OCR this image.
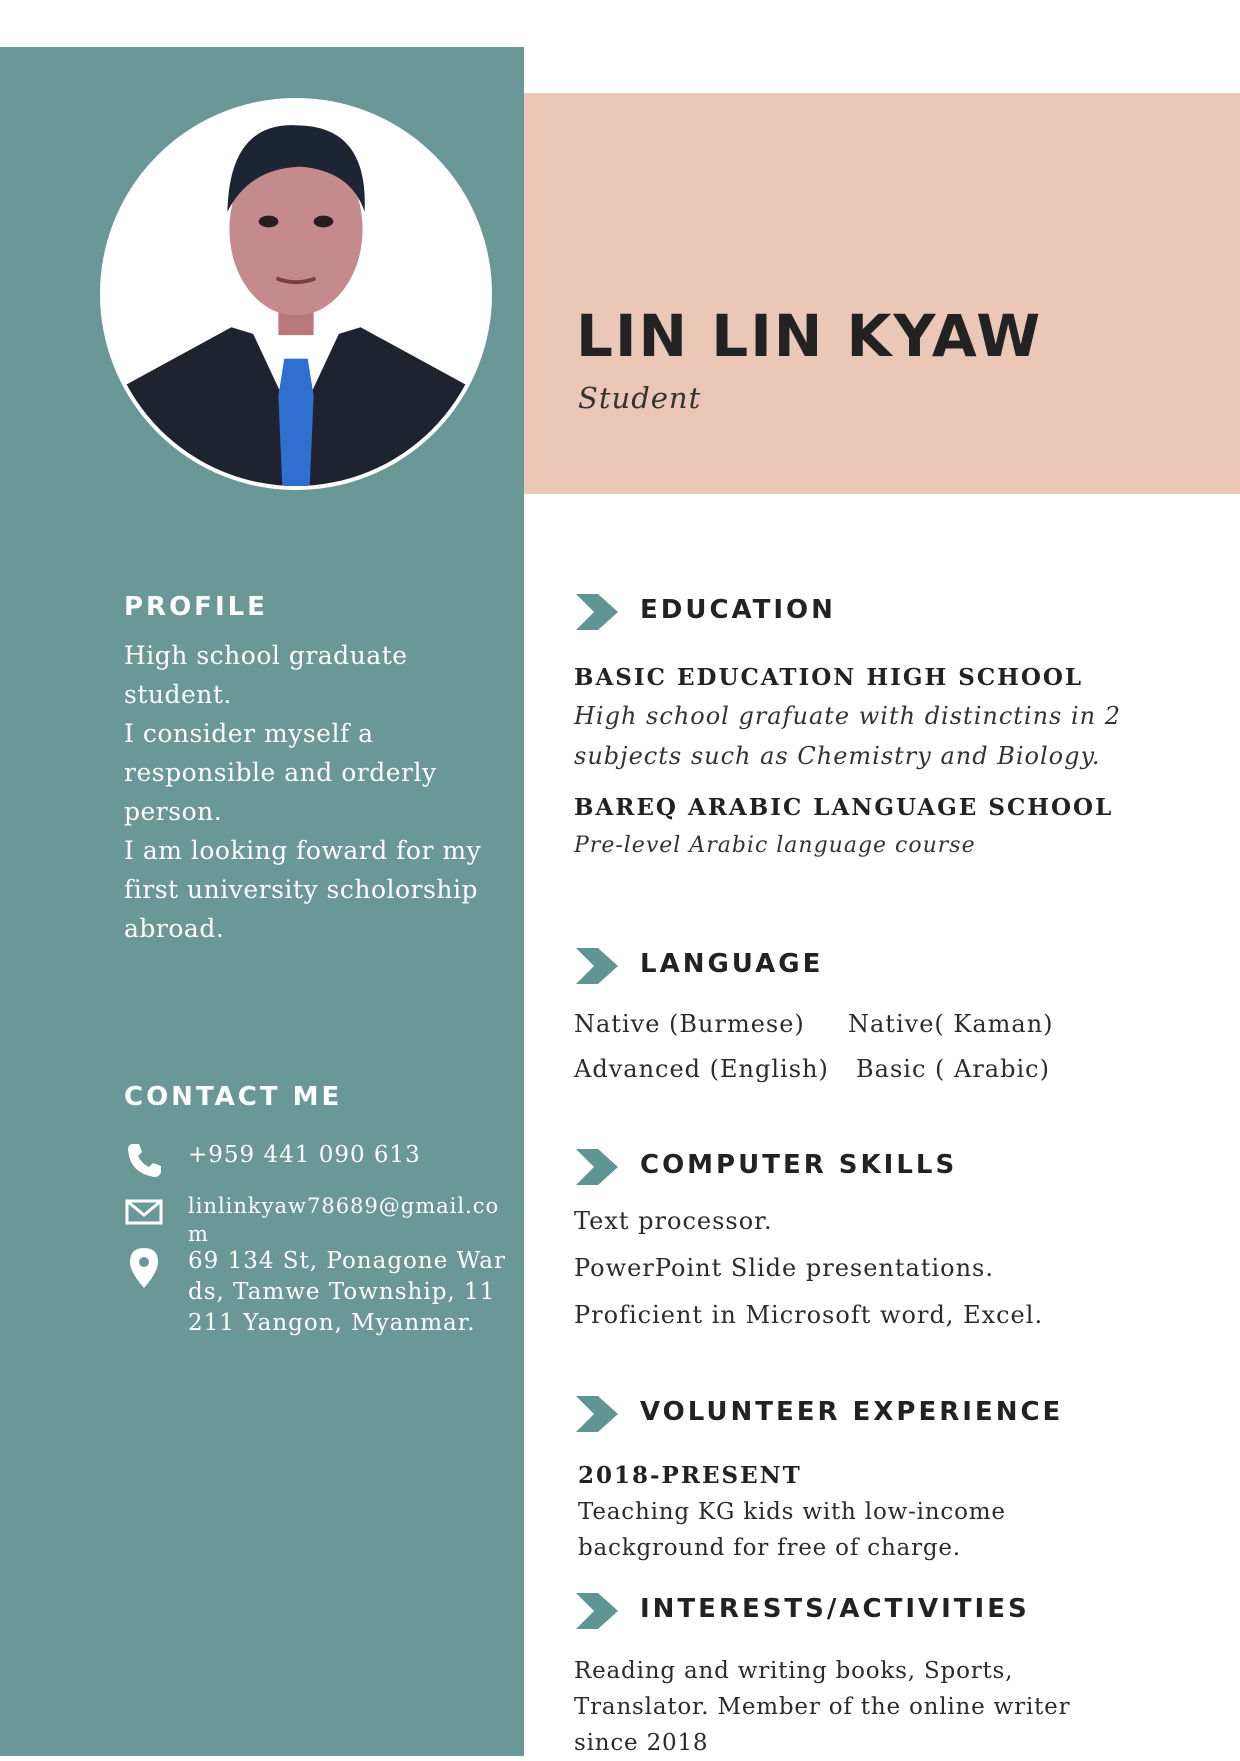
LIN LIN KYAW
Student
PROFILE
High school graduate
student.
I consider myself a
responsible and orderly
person.
I am looking foward for my
first university scholorship
abroad.
CONTACT ME
+959 441 090 613
linlinkyaw78689@gmail.com
69 134 St, Ponagone Wards, Tamwe Township, 11211 Yangon, Myanmar.
EDUCATION
BASIC EDUCATION HIGH SCHOOL
High school grafuate with distinctins in 2 subjects such as Chemistry and Biology.
BAREQ ARABIC LANGUAGE SCHOOL
Pre-level Arabic language course
LANGUAGE
Native (Burmese) Native( Kaman)
Advanced (English) Basic ( Arabic)
COMPUTER SKILLS
Text processor.
PowerPoint Slide presentations.
Proficient in Microsoft word, Excel.
VOLUNTEER EXPERIENCE
2018-PRESENT
Teaching KG kids with low-income background for free of charge.
INTERESTS/ACTIVITIES
Reading and writing books, Sports, Translator. Member of the online writer since 2018
